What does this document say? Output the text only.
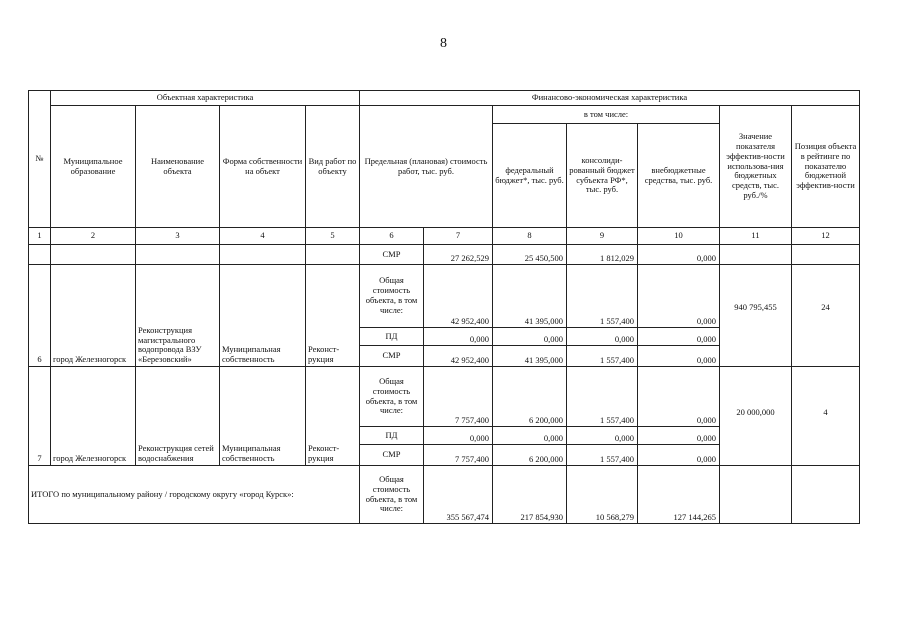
8
№	Объектная характеристика				Финансово-экономическая характеристика						
	Муниципальное образование	Наименование объекта	Форма собственности на объект	Вид работ по объекту	Предельная (плановая) стоимость работ, тыс. руб.		в том числе:			Значение показателя эффектив-ности использова-ния бюджетных средств, тыс. руб./%	Позиция объекта в рейтинге по показателю бюджетной эффектив-ности
							федеральный бюджет*, тыс. руб.	консолиди-рованный бюджет субъекта РФ*, тыс. руб.	внебюджетные средства, тыс. руб.		
1	2	3	4	5	6	7	8	9	10	11	12
					СМР	27 262,529	25 450,500	1 812,029	0,000		
6	город Железногорск	Реконструкция магистрального водопровода ВЗУ «Березовский»	Муниципальная собственность	Реконст-рукция	Общая стоимость объекта, в том числе:	42 952,400	41 395,000	1 557,400	0,000	940 795,455	24
					ПД	0,000	0,000	0,000	0,000		
					СМР	42 952,400	41 395,000	1 557,400	0,000		
7	город Железногорск	Реконструкция сетей водоснабжения	Муниципальная собственность	Реконст-рукция	Общая стоимость объекта, в том числе:	7 757,400	6 200,000	1 557,400	0,000	20 000,000	4
					ПД	0,000	0,000	0,000	0,000		
					СМР	7 757,400	6 200,000	1 557,400	0,000		
ИТОГО по муниципальному району / городскому округу «город Курск»:					Общая стоимость объекта, в том числе:	355 567,474	217 854,930	10 568,279	127 144,265		
